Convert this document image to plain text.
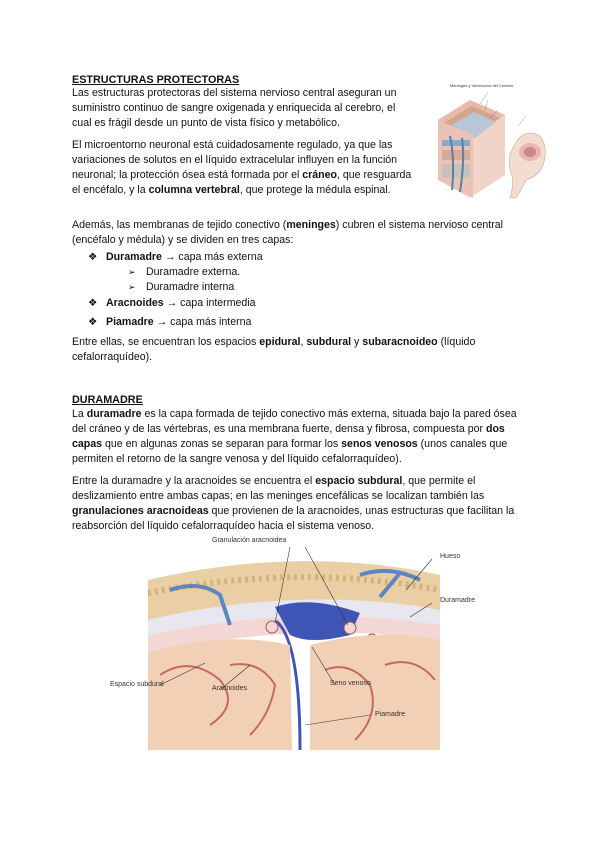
ESTRUCTURAS PROTECTORAS

Las estructuras protectoras del sistema nervioso central aseguran un suministro continuo de sangre oxigenada y enriquecida al cerebro, el cual es frágil desde un punto de vista físico y metabólico.

El microentorno neuronal está cuidadosamente regulado, ya que las variaciones de solutos en el líquido extracelular influyen en la función neuronal; la protección ósea está formada por el cráneo, que resguarda el encéfalo, y la columna vertebral, que protege la médula espinal.

Además, las membranas de tejido conectivo (meninges) cubren el sistema nervioso central (encéfalo y médula) y se dividen en tres capas:

❖ Duramadre → capa más externa
➢ Duramadre externa.
➢ Duramadre interna
❖ Aracnoides → capa intermedia
❖ Piamadre → capa más interna

Entre ellas, se encuentran los espacios epidural, subdural y subaracnoideo (líquido cefalorraquídeo).

Meninges y Ventrículos del Cerebro
DURAMADRE

La duramadre es la capa formada de tejido conectivo más externa, situada bajo la pared ósea del cráneo y de las vértebras, es una membrana fuerte, densa y fibrosa, compuesta por dos capas que en algunas zonas se separan para formar los senos venosos (unos canales que permiten el retorno de la sangre venosa y del líquido cefalorraquídeo).

Entre la duramadre y la aracnoides se encuentra el espacio subdural, que permite el deslizamiento entre ambas capas; en las meninges encefálicas se localizan también las granulaciones aracnoideas que provienen de la aracnoides, unas estructuras que facilitan la reabsorción del líquido cefalorraquídeo hacia el sistema venoso.

Granulación aracnoidea
Hueso
Duramadre
Espacio subdural
Aracnoides
Seno venoso
Piamadre
